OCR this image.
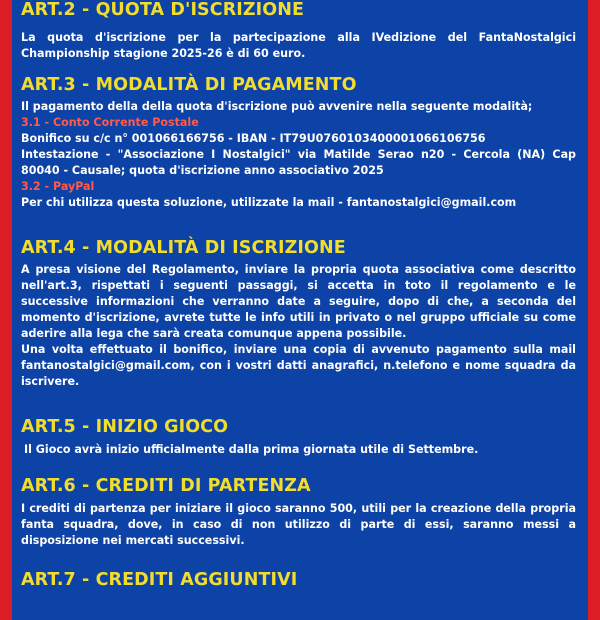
ART.2 - QUOTA D'ISCRIZIONE

La quota d'iscrizione per la partecipazione alla IVedizione del FantaNostalgici Championship stagione 2025-26 è di 60 euro.

ART.3 - MODALITÀ DI PAGAMENTO

Il pagamento della della quota d'iscrizione può avvenire nella seguente modalità;

3.1 - Conto Corrente Postale

Bonifico su c/c n° 001066166756 - IBAN - IT79U0760103400001066106756

Intestazione - "Associazione I Nostalgici" via Matilde Serao n20 - Cercola (NA) Cap 80040 - Causale; quota d'iscrizione anno associativo 2025

3.2 - PayPal

Per chi utilizza questa soluzione, utilizzate la mail - fantanostalgici@gmail.com

ART.4 - MODALITÀ DI ISCRIZIONE

A presa visione del Regolamento, inviare la propria quota associativa come descritto nell'art.3, rispettati i seguenti passaggi, si accetta in toto il regolamento e le successive informazioni che verranno date a seguire, dopo di che, a seconda del momento d'iscrizione, avrete tutte le info utili in privato o nel gruppo ufficiale su come aderire alla lega che sarà creata comunque appena possibile.

Una volta effettuato il bonifico, inviare una copia di avvenuto pagamento sulla mail fantanostalgici@gmail.com, con i vostri datti anagrafici, n.telefono e nome squadra da iscrivere.

ART.5 - INIZIO GIOCO

Il Gioco avrà inizio ufficialmente dalla prima giornata utile di Settembre.

ART.6 - CREDITI DI PARTENZA

I crediti di partenza per iniziare il gioco saranno 500, utili per la creazione della propria fanta squadra, dove, in caso di non utilizzo di parte di essi, saranno messi a disposizione nei mercati successivi.

ART.7 - CREDITI AGGIUNTIVI
